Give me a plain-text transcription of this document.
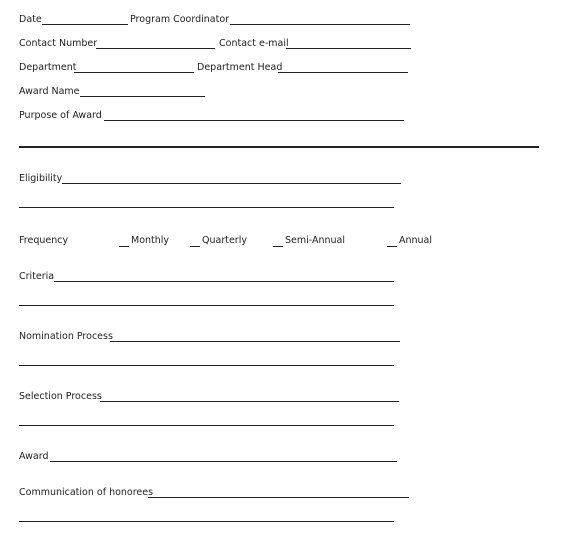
Date	Program Coordinator
Contact Number	Contact e-mail
Department	Department Head
Award Name
Purpose of Award
Eligibility
Frequency	Monthly	Quarterly	Semi-Annual	Annual
Criteria
Nomination Process
Selection Process
Award
Communication of honorees
